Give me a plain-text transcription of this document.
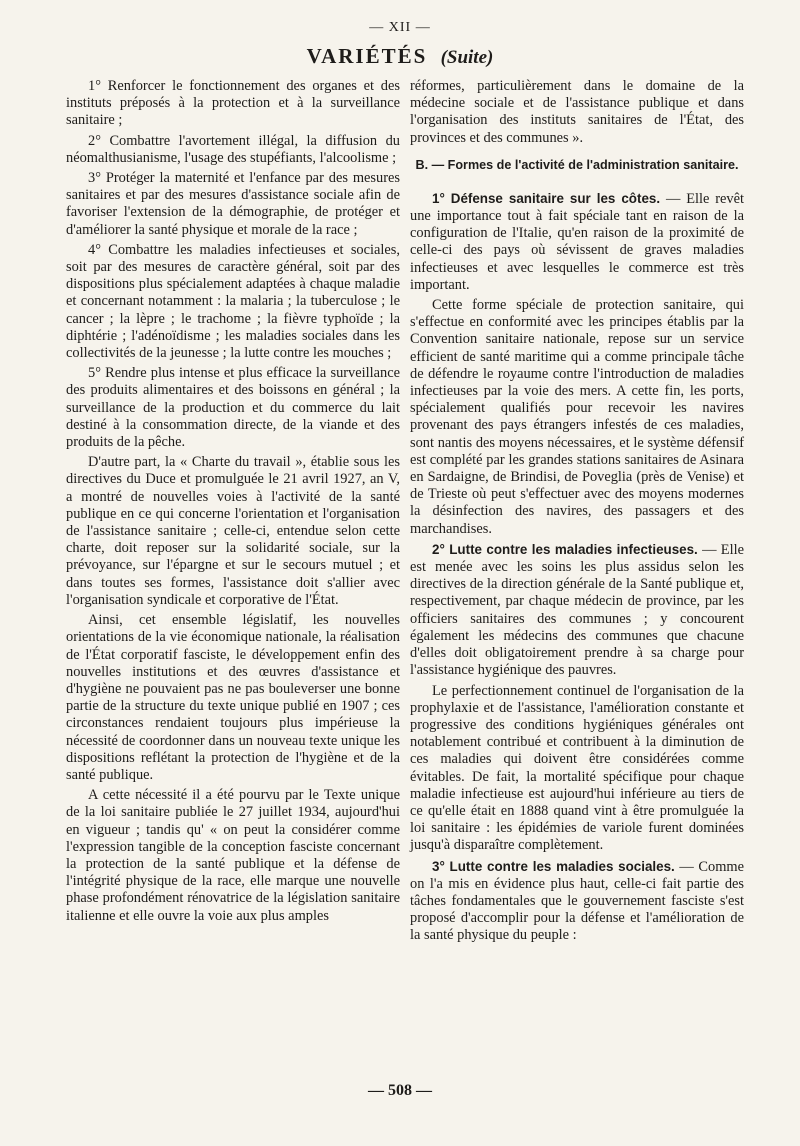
— XII —
VARIÉTÉS (Suite)

1° Renforcer le fonctionnement des organes et des instituts préposés à la protection et à la surveillance sanitaire ;

2° Combattre l'avortement illégal, la diffusion du néomalthusianisme, l'usage des stupéfiants, l'alcoolisme ;

3° Protéger la maternité et l'enfance par des mesures sanitaires et par des mesures d'assistance sociale afin de favoriser l'extension de la démographie, de protéger et d'améliorer la santé physique et morale de la race ;

4° Combattre les maladies infectieuses et sociales, soit par des mesures de caractère général, soit par des dispositions plus spécialement adaptées à chaque maladie et concernant notamment : la malaria ; la tuberculose ; le cancer ; la lèpre ; le trachome ; la fièvre typhoïde ; la diphtérie ; l'adénoïdisme ; les maladies sociales dans les collectivités de la jeunesse ; la lutte contre les mouches ;

5° Rendre plus intense et plus efficace la surveillance des produits alimentaires et des boissons en général ; la surveillance de la production et du commerce du lait destiné à la consommation directe, de la viande et des produits de la pêche.

D'autre part, la « Charte du travail », établie sous les directives du Duce et promulguée le 21 avril 1927, an V, a montré de nouvelles voies à l'activité de la santé publique en ce qui concerne l'orientation et l'organisation de l'assistance sanitaire ; celle-ci, entendue selon cette charte, doit reposer sur la solidarité sociale, sur la prévoyance, sur l'épargne et sur le secours mutuel ; et dans toutes ses formes, l'assistance doit s'allier avec l'organisation syndicale et corporative de l'État.

Ainsi, cet ensemble législatif, les nouvelles orientations de la vie économique nationale, la réalisation de l'État corporatif fasciste, le développement enfin des nouvelles institutions et des œuvres d'assistance et d'hygiène ne pouvaient pas ne pas bouleverser une bonne partie de la structure du texte unique publié en 1907 ; ces circonstances rendaient toujours plus impérieuse la nécessité de coordonner dans un nouveau texte unique les dispositions reflétant la protection de l'hygiène et de la santé publique.

A cette nécessité il a été pourvu par le Texte unique de la loi sanitaire publiée le 27 juillet 1934, aujourd'hui en vigueur ; tandis qu' « on peut la considérer comme l'expression tangible de la conception fasciste concernant la protection de la santé publique et la défense de l'intégrité physique de la race, elle marque une nouvelle phase profondément rénovatrice de la législation sanitaire italienne et elle ouvre la voie aux plus amples

réformes, particulièrement dans le domaine de la médecine sociale et de l'assistance publique et dans l'organisation des instituts sanitaires de l'État, des provinces et des communes ».

B. — Formes de l'activité de l'administration sanitaire.

1° Défense sanitaire sur les côtes. — Elle revêt une importance tout à fait spéciale tant en raison de la configuration de l'Italie, qu'en raison de la proximité de celle-ci des pays où sévissent de graves maladies infectieuses et avec lesquelles le commerce est très important.

Cette forme spéciale de protection sanitaire, qui s'effectue en conformité avec les principes établis par la Convention sanitaire nationale, repose sur un service efficient de santé maritime qui a comme principale tâche de défendre le royaume contre l'introduction de maladies infectieuses par la voie des mers. A cette fin, les ports, spécialement qualifiés pour recevoir les navires provenant des pays étrangers infestés de ces maladies, sont nantis des moyens nécessaires, et le système défensif est complété par les grandes stations sanitaires de Asinara en Sardaigne, de Brindisi, de Poveglia (près de Venise) et de Trieste où peut s'effectuer avec des moyens modernes la désinfection des navires, des passagers et des marchandises.

2° Lutte contre les maladies infectieuses. — Elle est menée avec les soins les plus assidus selon les directives de la direction générale de la Santé publique et, respectivement, par chaque médecin de province, par les officiers sanitaires des communes ; y concourent également les médecins des communes que chacune d'elles doit obligatoirement prendre à sa charge pour l'assistance hygiénique des pauvres.

Le perfectionnement continuel de l'organisation de la prophylaxie et de l'assistance, l'amélioration constante et progressive des conditions hygiéniques générales ont notablement contribué et contribuent à la diminution de ces maladies qui doivent être considérées comme évitables. De fait, la mortalité spécifique pour chaque maladie infectieuse est aujourd'hui inférieure au tiers de ce qu'elle était en 1888 quand vint à être promulguée la loi sanitaire : les épidémies de variole furent dominées jusqu'à disparaître complètement.

3° Lutte contre les maladies sociales. — Comme on l'a mis en évidence plus haut, celle-ci fait partie des tâches fondamentales que le gouvernement fasciste s'est proposé d'accomplir pour la défense et l'amélioration de la santé physique du peuple :

— 508 —
